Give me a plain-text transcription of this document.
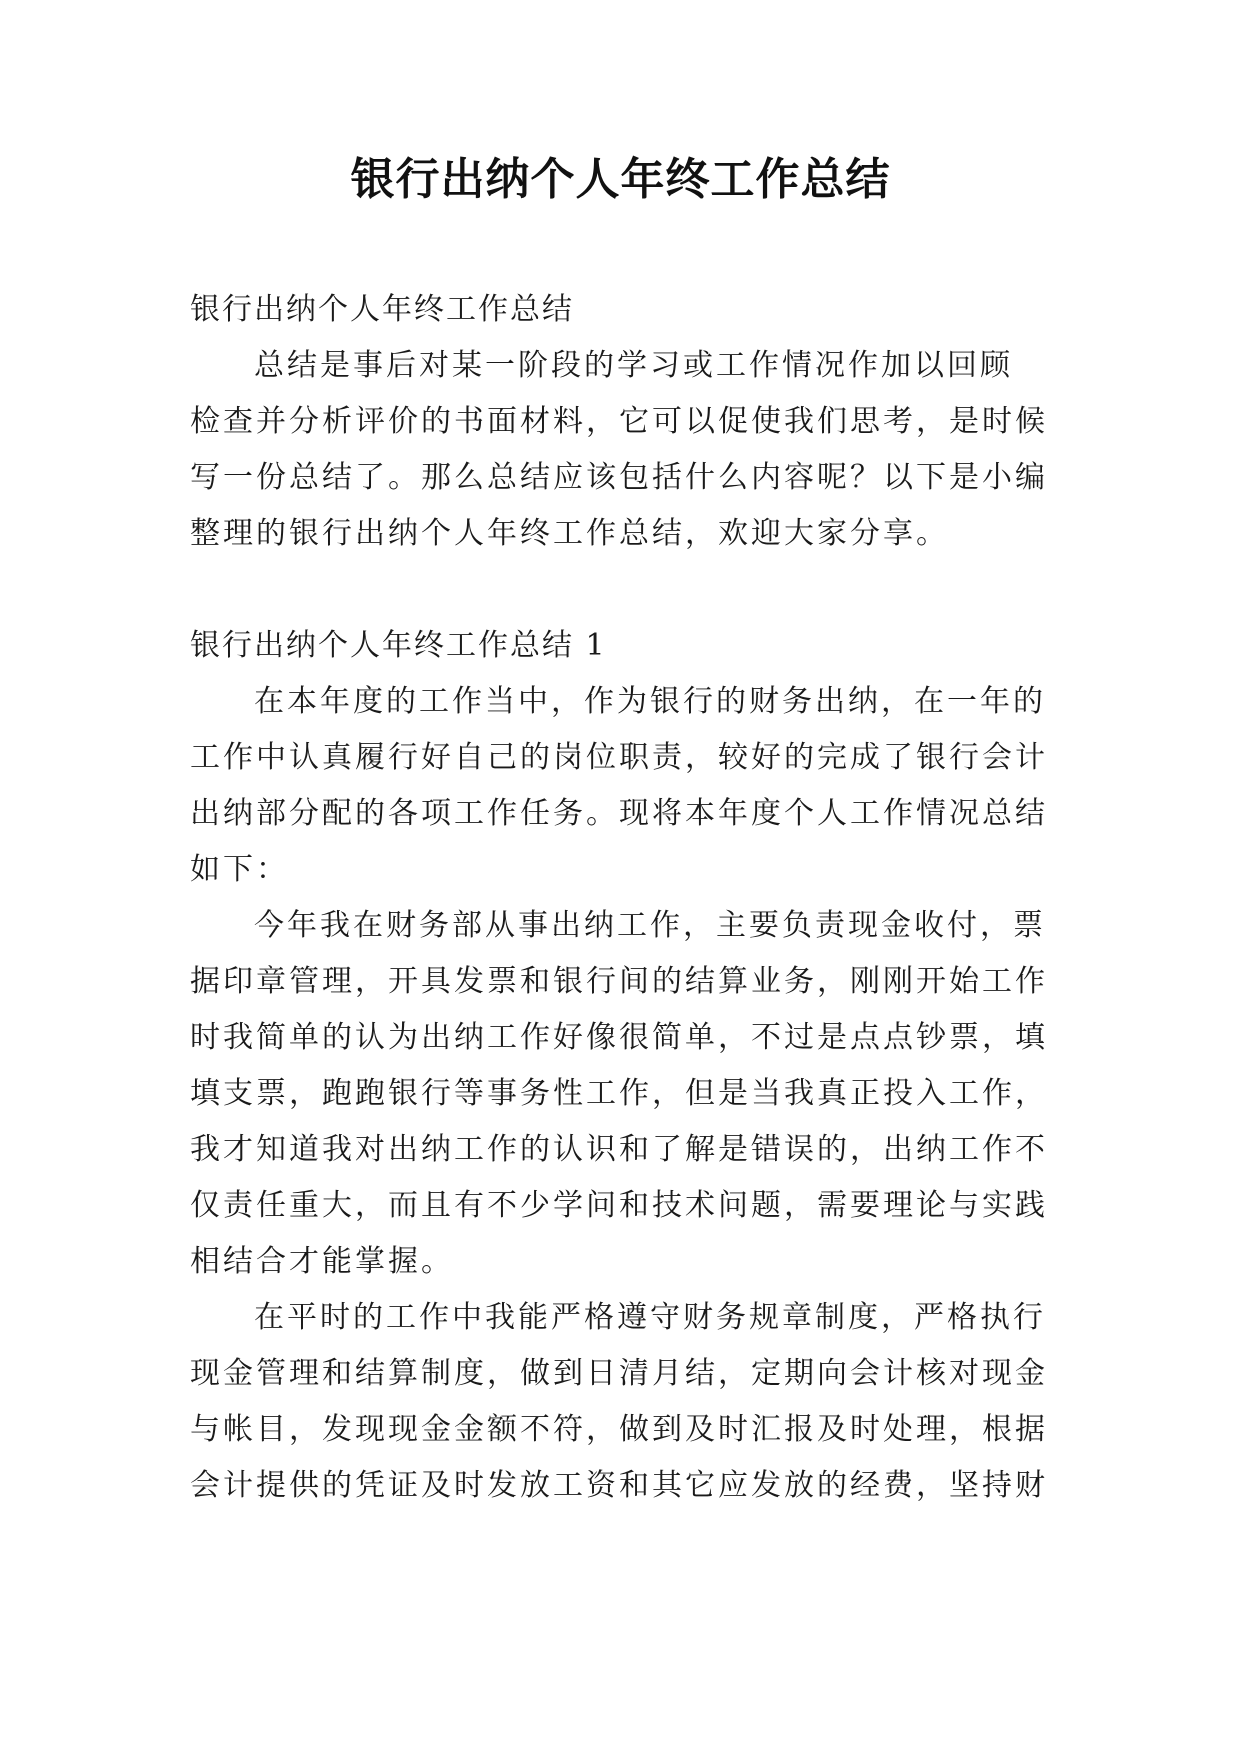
银行出纳个人年终工作总结
银行出纳个人年终工作总结
总结是事后对某一阶段的学习或工作情况作加以回顾
检查并分析评价的书面材料，它可以促使我们思考，是时候
写一份总结了。那么总结应该包括什么内容呢？以下是小编
整理的银行出纳个人年终工作总结，欢迎大家分享。
银行出纳个人年终工作总结 1
在本年度的工作当中，作为银行的财务出纳，在一年的
工作中认真履行好自己的岗位职责，较好的完成了银行会计
出纳部分配的各项工作任务。现将本年度个人工作情况总结
如下：
今年我在财务部从事出纳工作，主要负责现金收付，票
据印章管理，开具发票和银行间的结算业务，刚刚开始工作
时我简单的认为出纳工作好像很简单，不过是点点钞票，填
填支票，跑跑银行等事务性工作，但是当我真正投入工作，
我才知道我对出纳工作的认识和了解是错误的，出纳工作不
仅责任重大，而且有不少学问和技术问题，需要理论与实践
相结合才能掌握。
在平时的工作中我能严格遵守财务规章制度，严格执行
现金管理和结算制度，做到日清月结，定期向会计核对现金
与帐目，发现现金金额不符，做到及时汇报及时处理，根据
会计提供的凭证及时发放工资和其它应发放的经费，坚持财
